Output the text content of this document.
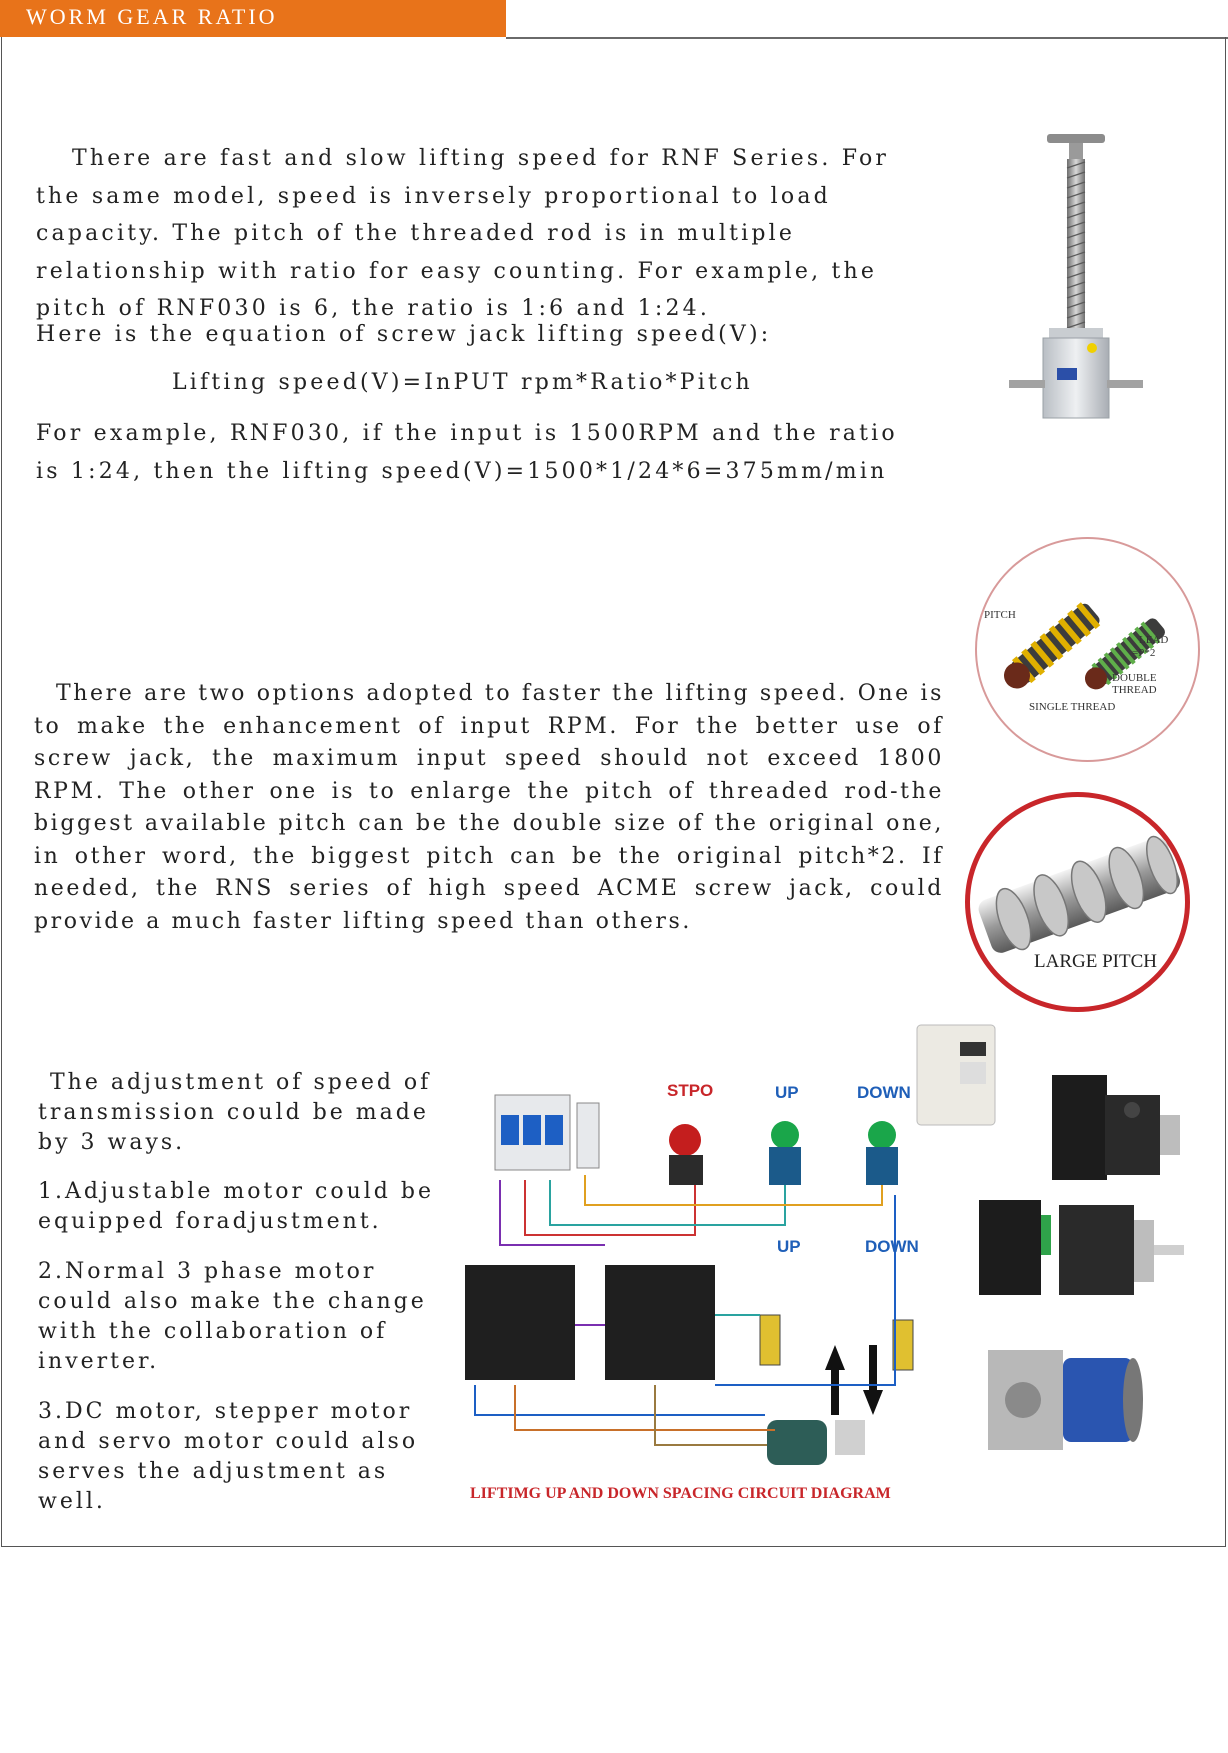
WORM GEAR RATIO

There are fast and slow lifting speed for RNF Series. For the same model, speed is inversely proportional to load capacity. The pitch of the threaded rod is in multiple relationship with ratio for easy counting. For example, the pitch of RNF030 is 6, the ratio is 1:6 and 1:24.

Here is the equation of screw jack lifting speed(V):

Lifting speed(V)=InPUT rpm*Ratio*Pitch

For example, RNF030, if the input is 1500RPM and the ratio is 1:24, then the lifting speed(V)=1500*1/24*6=375mm/min

There are two options adopted to faster the lifting speed. One is to make the enhancement of input RPM. For the better use of screw jack, the maximum input speed should not exceed 1800 RPM. The other one is to enlarge the pitch of threaded rod-the biggest available pitch can be the double size of the original one, in other word, the biggest pitch can be the original pitch*2. If needed, the RNS series of high speed ACME screw jack, could provide a much faster lifting speed than others.

PITCH
LEAD
=P*2
DOUBLE THREAD
SINGLE THREAD
LARGE PITCH

The adjustment of speed of transmission could be made by 3 ways.

1.Adjustable motor could be equipped foradjustment.

2.Normal 3 phase motor could also make the change with the collaboration of inverter.

3.DC motor, stepper motor and servo motor could also serves the adjustment as well.

STPO	UP	DOWN
UP	DOWN
LIFTIMG UP AND DOWN SPACING CIRCUIT DIAGRAM
